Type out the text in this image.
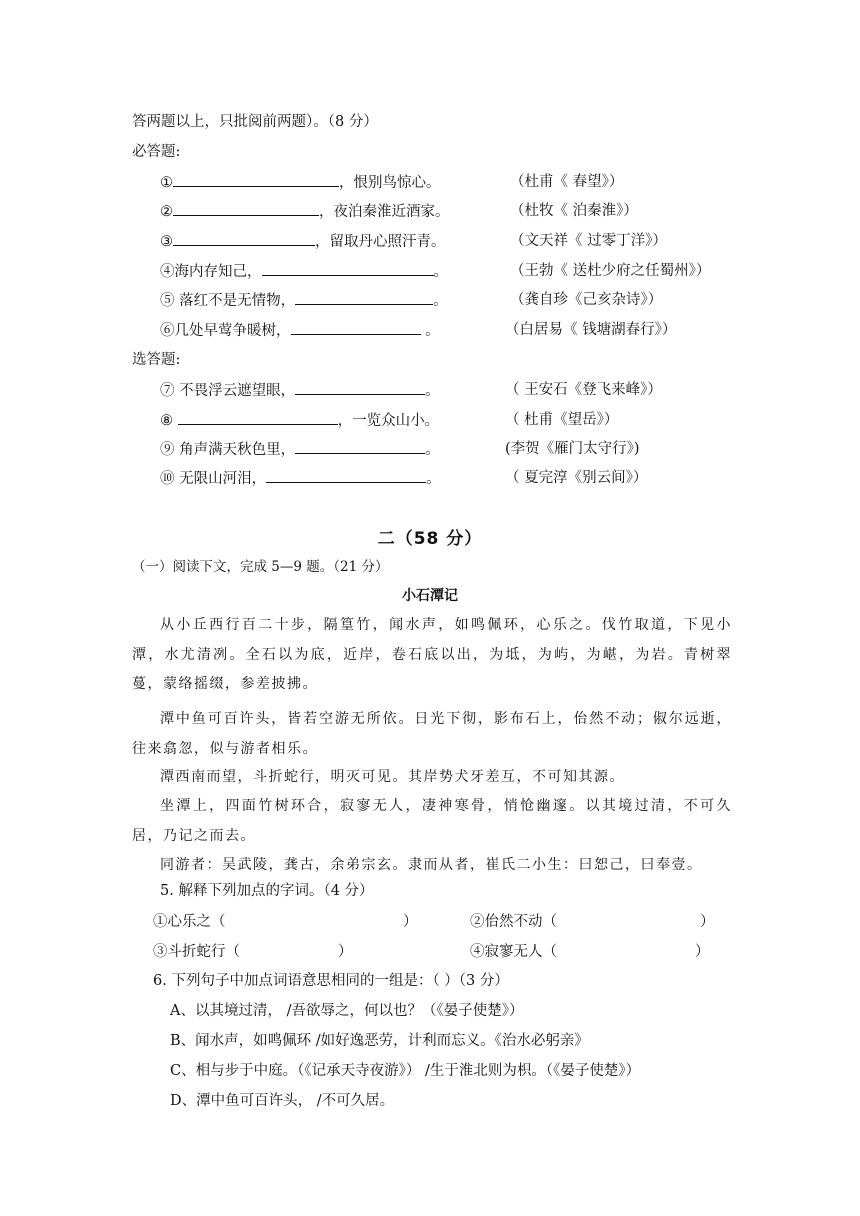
答两题以上，只批阅前两题）。（8 分）
必答题:
①	，恨别鸟惊心。	（杜甫《 春望》）
②	，夜泊秦淮近酒家。	（杜牧《 泊秦淮》）
③	，留取丹心照汗青。	（文天祥《 过零丁洋》）
④海内存知己，	。	（王勃《 送杜少府之任蜀州》）
⑤ 落红不是无情物，	。	（龚自珍《己亥杂诗》）
⑥几处早莺争暖树，	。	（白居易《 钱塘湖春行》）
选答题:
⑦ 不畏浮云遮望眼，	。	（ 王安石《登飞来峰》）
⑧	，一览众山小。	（ 杜甫《望岳》）
⑨ 角声满天秋色里，	。	(李贺《雁门太守行》)
⑩ 无限山河泪，	。	（ 夏完淳《别云间》）
二（58 分）
（一）阅读下文，完成 5—9 题。（21 分）
小石潭记
从小丘西行百二十步，隔篁竹，闻水声，如鸣佩环，心乐之。伐竹取道，下见小潭，水尤清冽。全石以为底，近岸，卷石底以出，为坻，为屿，为嵁，为岩。青树翠蔓，蒙络摇缀，参差披拂。
潭中鱼可百许头，皆若空游无所依。日光下彻，影布石上，佁然不动；俶尔远逝，往来翕忽，似与游者相乐。
潭西南而望，斗折蛇行，明灭可见。其岸势犬牙差互，不可知其源。
坐潭上，四面竹树环合，寂寥无人，凄神寒骨，悄怆幽邃。以其境过清，不可久居，乃记之而去。
同游者：吴武陵，龚古，余弟宗玄。隶而从者，崔氏二小生：曰恕己，曰奉壹。
5. 解释下列加点的字词。（4 分）
①心乐之（	）	②佁然不动（	）
③斗折蛇行（	）	④寂寥无人（	）
6. 下列句子中加点词语意思相同的一组是：（ ）（3 分）
A、以其境过清， /吾欲辱之，何以也？（《晏子使楚》）
B、闻水声，如鸣佩环 /如好逸恶劳，计利而忘义。《治水必躬亲》
C、相与步于中庭。（《记承天寺夜游》） /生于淮北则为枳。（《晏子使楚》）
D、潭中鱼可百许头， /不可久居。
